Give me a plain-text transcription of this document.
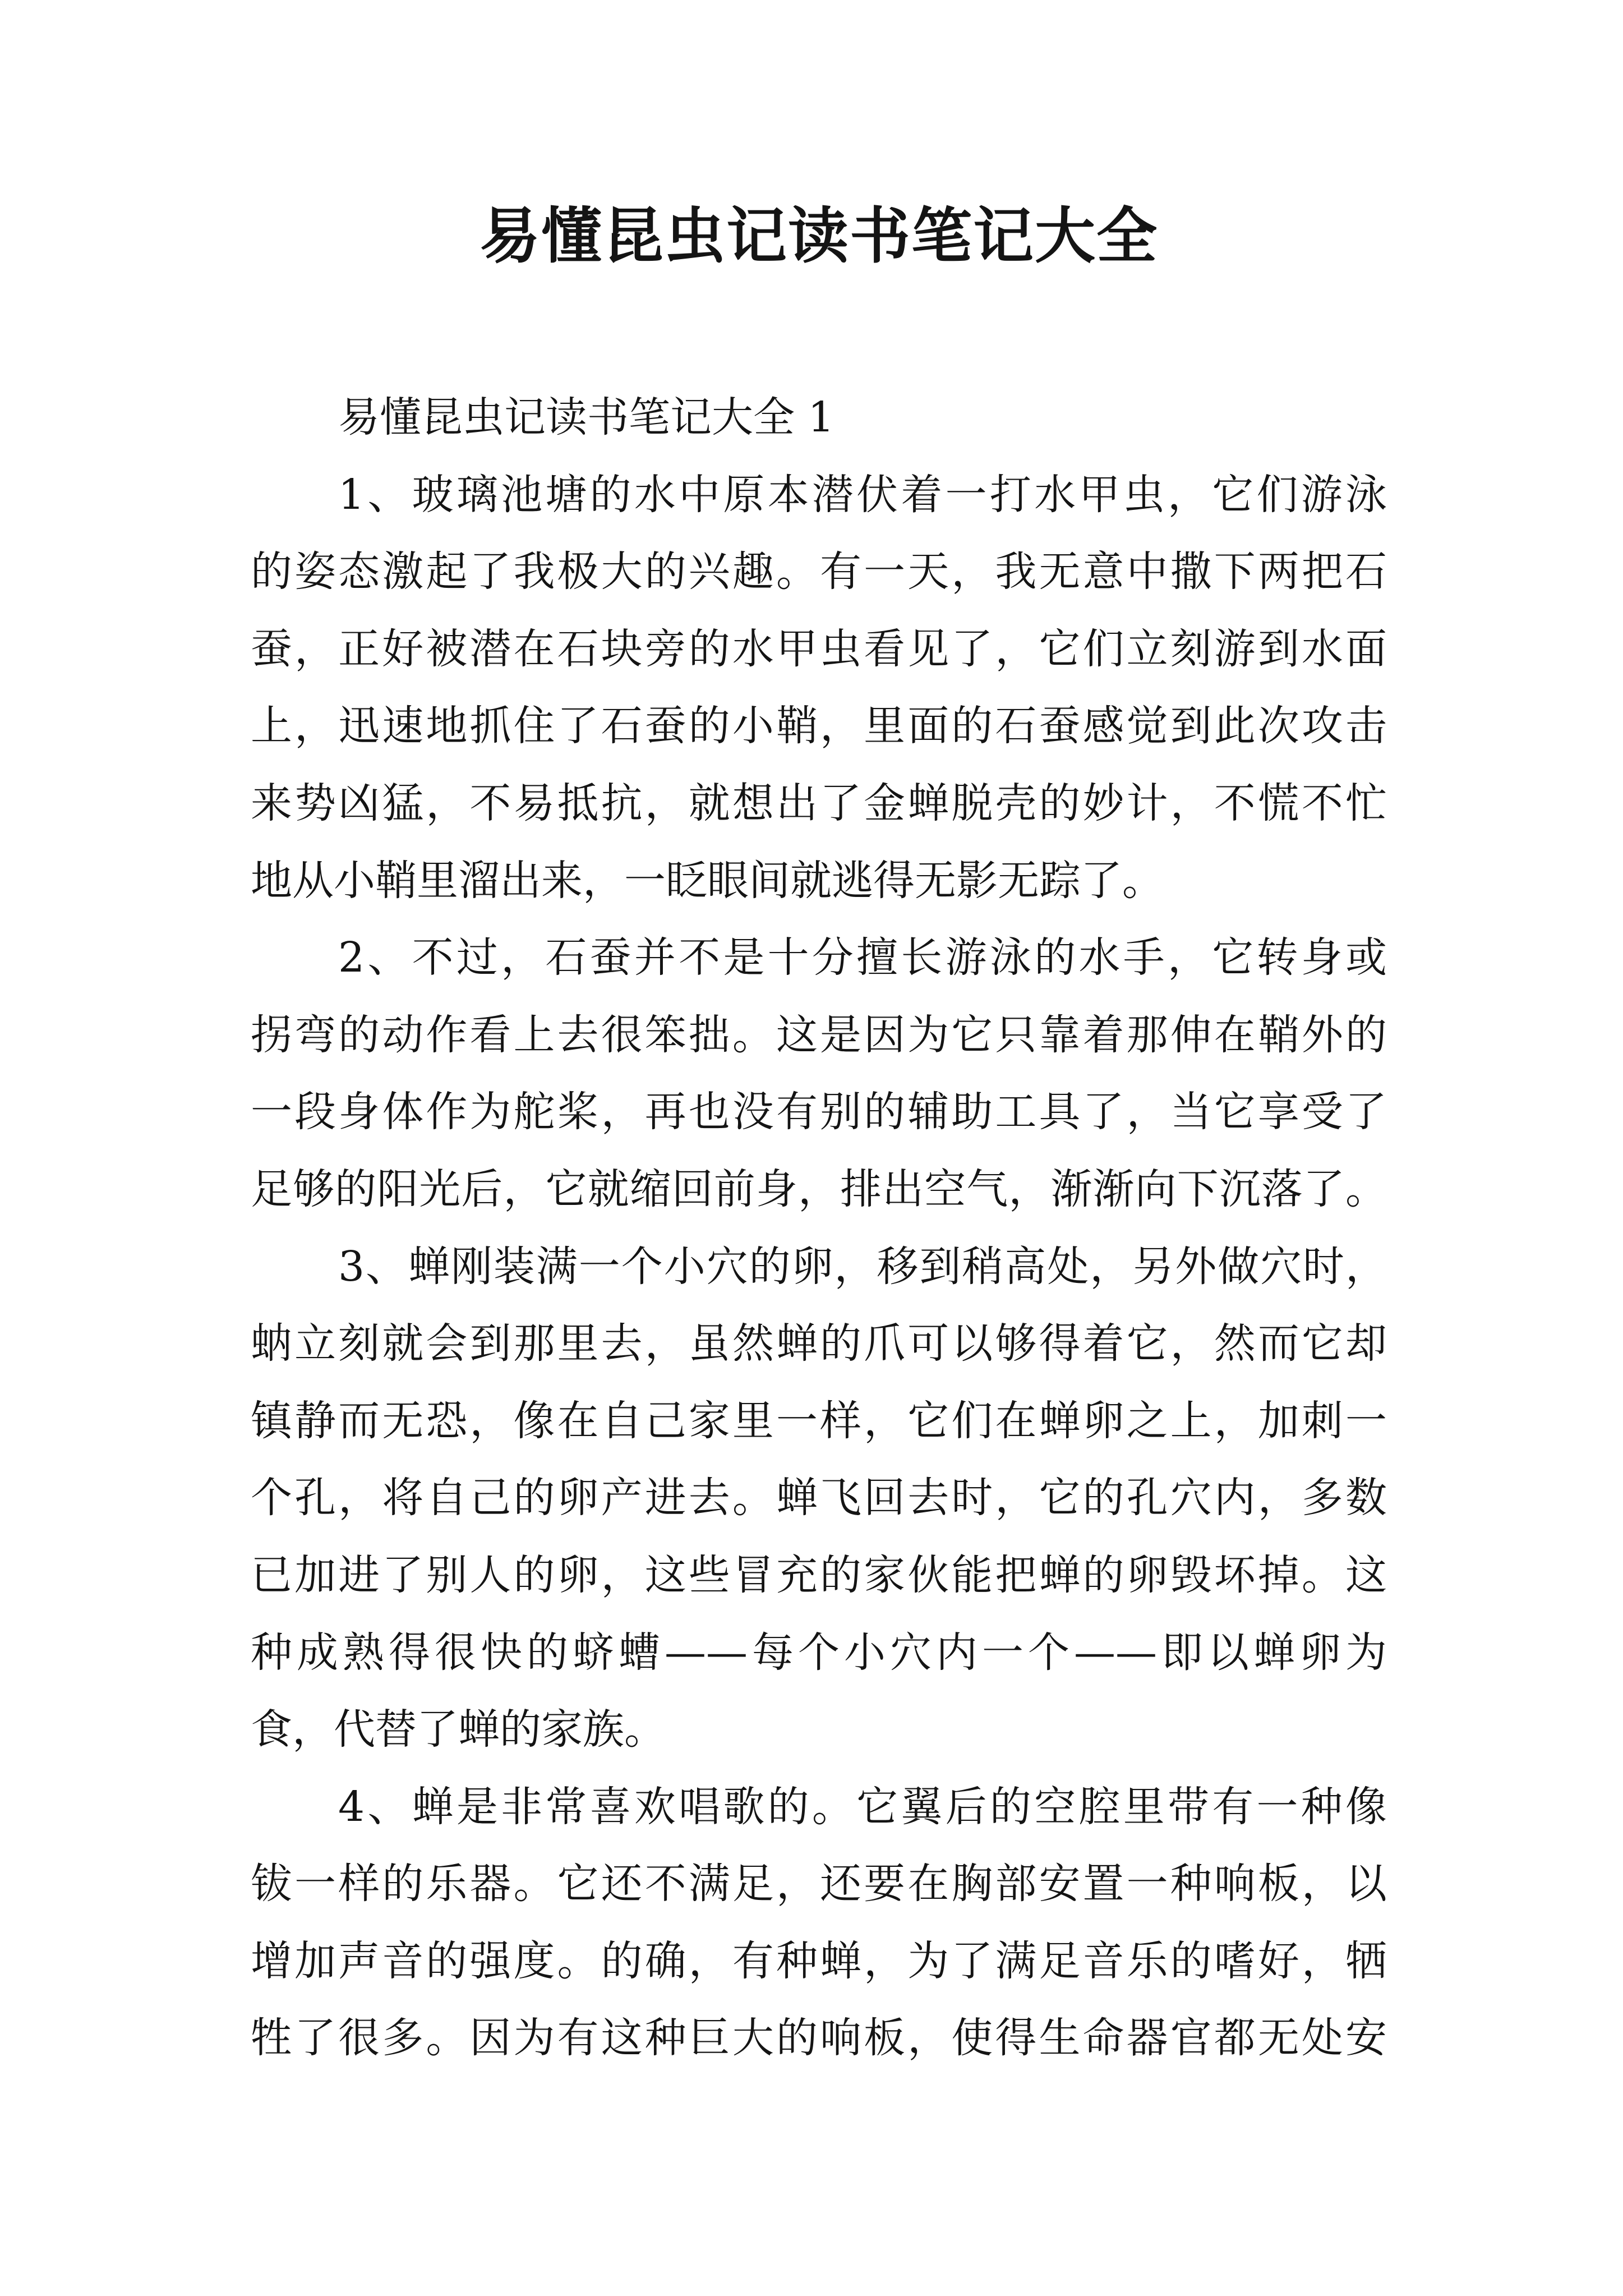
易懂昆虫记读书笔记大全
易懂昆虫记读书笔记大全 1
1、玻璃池塘的水中原本潜伏着一打水甲虫，它们游泳
的姿态激起了我极大的兴趣。有一天，我无意中撒下两把石
蚕，正好被潜在石块旁的水甲虫看见了，它们立刻游到水面
上，迅速地抓住了石蚕的小鞘，里面的石蚕感觉到此次攻击
来势凶猛，不易抵抗，就想出了金蝉脱壳的妙计，不慌不忙
地从小鞘里溜出来，一眨眼间就逃得无影无踪了。
2、不过，石蚕并不是十分擅长游泳的水手，它转身或
拐弯的动作看上去很笨拙。这是因为它只靠着那伸在鞘外的
一段身体作为舵桨，再也没有别的辅助工具了，当它享受了
足够的阳光后，它就缩回前身，排出空气，渐渐向下沉落了。
3、蝉刚装满一个小穴的卵，移到稍高处，另外做穴时，
蚋立刻就会到那里去，虽然蝉的爪可以够得着它，然而它却
镇静而无恐，像在自己家里一样，它们在蝉卵之上，加刺一
个孔，将自己的卵产进去。蝉飞回去时，它的孔穴内，多数
已加进了别人的卵，这些冒充的家伙能把蝉的卵毁坏掉。这
种成熟得很快的蛴螬——每个小穴内一个——即以蝉卵为
食，代替了蝉的家族。
4、蝉是非常喜欢唱歌的。它翼后的空腔里带有一种像
钹一样的乐器。它还不满足，还要在胸部安置一种响板，以
增加声音的强度。的确，有种蝉，为了满足音乐的嗜好，牺
牲了很多。因为有这种巨大的响板，使得生命器官都无处安
